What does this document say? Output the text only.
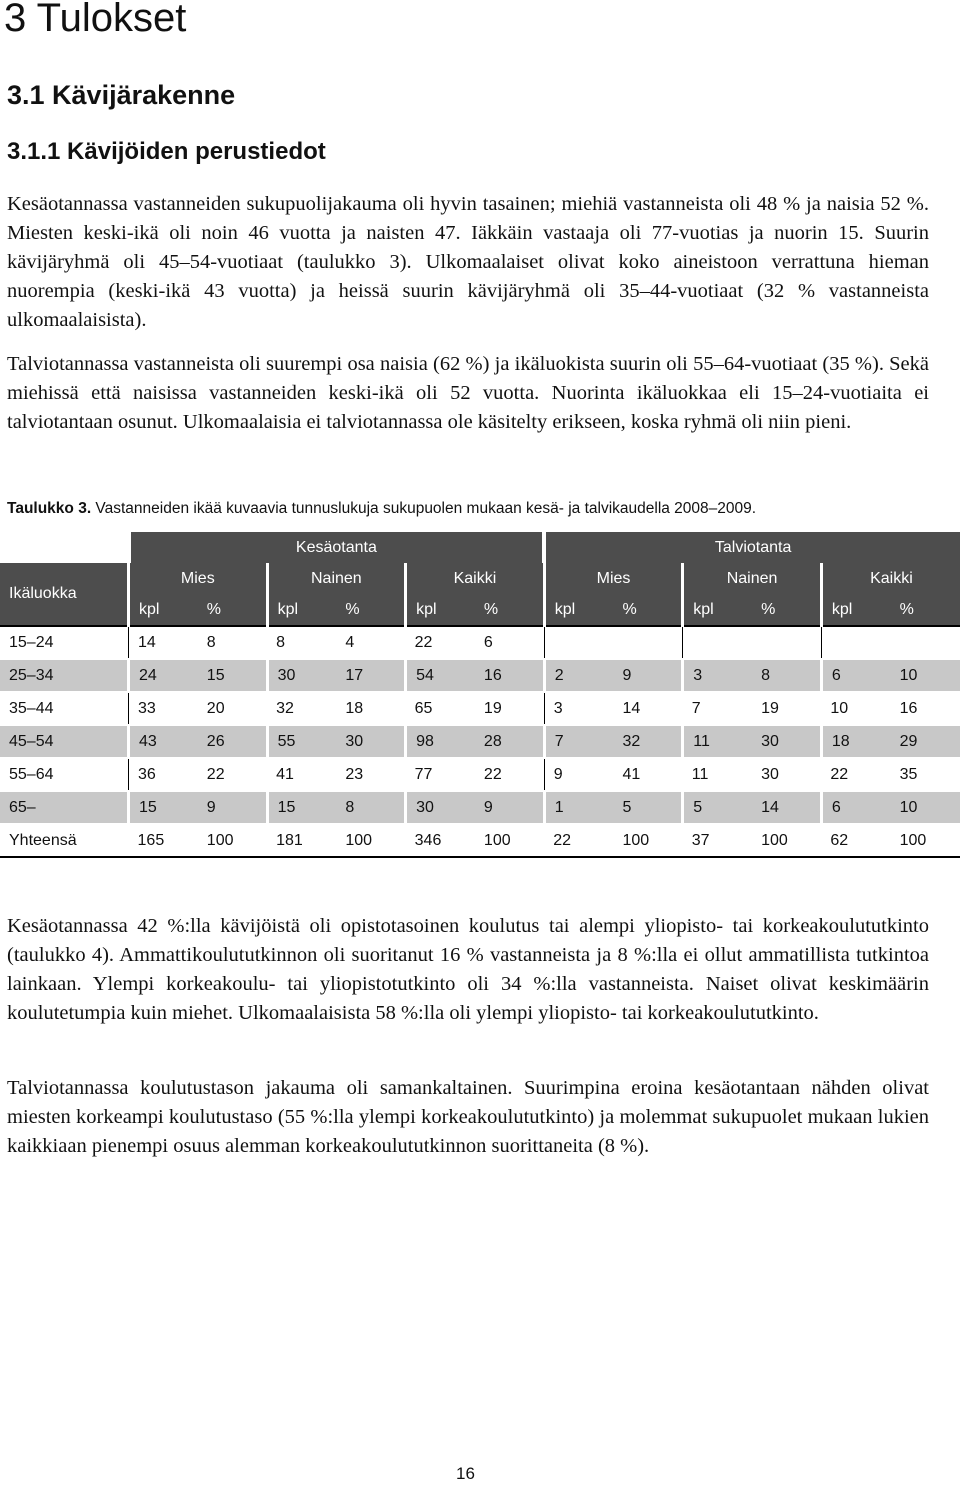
3 Tulokset
3.1 Kävijärakenne
3.1.1 Kävijöiden perustiedot

Kesäotannassa vastanneiden sukupuolijakauma oli hyvin tasainen; miehiä vastanneista oli 48 % ja naisia 52 %. Miesten keski-ikä oli noin 46 vuotta ja naisten 47. Iäkkäin vastaaja oli 77-vuotias ja nuorin 15. Suurin kävijäryhmä oli 45–54-vuotiaat (taulukko 3). Ulkomaalaiset olivat koko aineistoon verrattuna hieman nuorempia (keski-ikä 43 vuotta) ja heissä suurin kävijäryhmä oli 35–44-vuotiaat (32 % vastanneista ulkomaalaisista).

Talviotannassa vastanneista oli suurempi osa naisia (62 %) ja ikäluokista suurin oli 55–64-vuotiaat (35 %). Sekä miehissä että naisissa vastanneiden keski-ikä oli 52 vuotta. Nuorinta ikäluokkaa eli 15–24-vuotiaita ei talviotantaan osunut. Ulkomaalaisia ei talviotannassa ole käsitelty erikseen, koska ryhmä oli niin pieni.

Taulukko 3. Vastanneiden ikää kuvaavia tunnuslukuja sukupuolen mukaan kesä- ja talvikaudella 2008–2009.

	Kesäotanta						Talviotanta					
Ikäluokka	Mies		Nainen		Kaikki		Mies		Nainen		Kaikki	
	kpl	%	kpl	%	kpl	%	kpl	%	kpl	%	kpl	%
15–24	14	8	8	4	22	6						
25–34	24	15	30	17	54	16	2	9	3	8	6	10
35–44	33	20	32	18	65	19	3	14	7	19	10	16
45–54	43	26	55	30	98	28	7	32	11	30	18	29
55–64	36	22	41	23	77	22	9	41	11	30	22	35
65–	15	9	15	8	30	9	1	5	5	14	6	10
Yhteensä	165	100	181	100	346	100	22	100	37	100	62	100

Kesäotannassa 42 %:lla kävijöistä oli opistotasoinen koulutus tai alempi yliopisto- tai korkeakoulututkinto (taulukko 4). Ammattikoulututkinnon oli suoritanut 16 % vastanneista ja 8 %:lla ei ollut ammatillista tutkintoa lainkaan. Ylempi korkeakoulu- tai yliopistotutkinto oli 34 %:lla vastanneista. Naiset olivat keskimäärin koulutetumpia kuin miehet. Ulkomaalaisista 58 %:lla oli ylempi yliopisto- tai korkeakoulututkinto.

Talviotannassa koulutustason jakauma oli samankaltainen. Suurimpina eroina kesäotantaan nähden olivat miesten korkeampi koulutustaso (55 %:lla ylempi korkeakoulututkinto) ja molemmat sukupuolet mukaan lukien kaikkiaan pienempi osuus alemman korkeakoulututkinnon suorittaneita (8 %).

16
